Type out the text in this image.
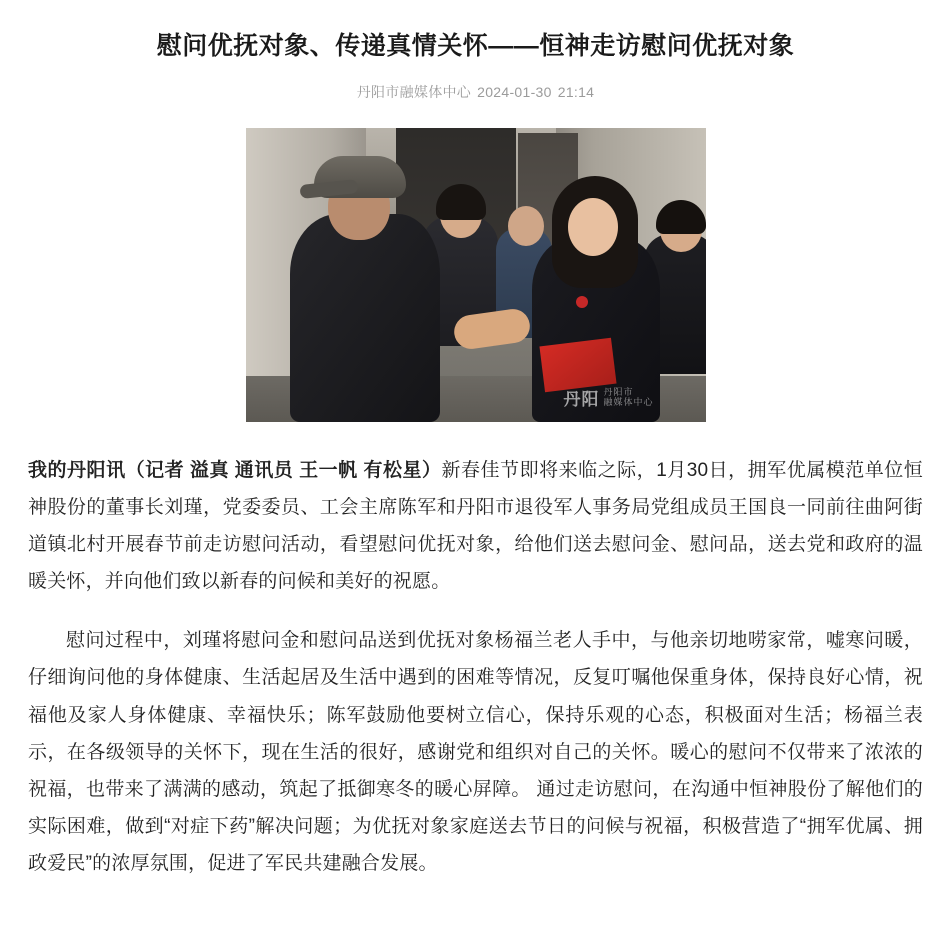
慰问优抚对象、传递真情关怀——恒神走访慰问优抚对象
丹阳市融媒体中心 2024-01-30 21:14
丹阳 丹阳市
融媒体中心

我的丹阳讯（记者 溢真 通讯员 王一帆 有松星）新春佳节即将来临之际，1月30日，拥军优属模范单位恒神股份的董事长刘瑾，党委委员、工会主席陈军和丹阳市退役军人事务局党组成员王国良一同前往曲阿街道镇北村开展春节前走访慰问活动，看望慰问优抚对象，给他们送去慰问金、慰问品，送去党和政府的温暖关怀，并向他们致以新春的问候和美好的祝愿。

慰问过程中，刘瑾将慰问金和慰问品送到优抚对象杨福兰老人手中，与他亲切地唠家常，嘘寒问暖，仔细询问他的身体健康、生活起居及生活中遇到的困难等情况，反复叮嘱他保重身体，保持良好心情，祝福他及家人身体健康、幸福快乐；陈军鼓励他要树立信心，保持乐观的心态，积极面对生活；杨福兰表示，在各级领导的关怀下，现在生活的很好，感谢党和组织对自己的关怀。暖心的慰问不仅带来了浓浓的祝福，也带来了满满的感动，筑起了抵御寒冬的暖心屏障。 通过走访慰问，在沟通中恒神股份了解他们的实际困难，做到“对症下药”解决问题；为优抚对象家庭送去节日的问候与祝福，积极营造了“拥军优属、拥政爱民”的浓厚氛围，促进了军民共建融合发展。
